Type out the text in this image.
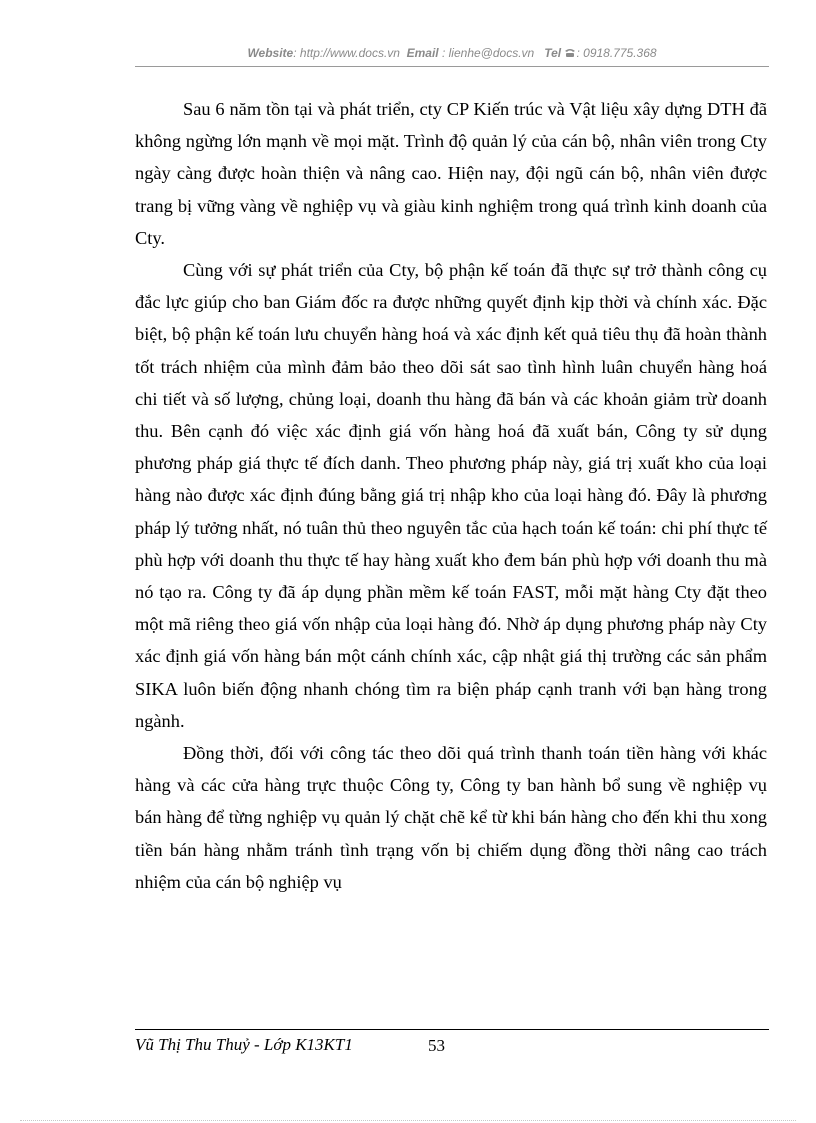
Website: http://www.docs.vn Email : lienhe@docs.vn Tel : 0918.775.368

Sau 6 năm tồn tại và phát triển, cty CP Kiến trúc và Vật liệu xây dựng DTH đã không ngừng lớn mạnh về mọi mặt. Trình độ quản lý của cán bộ, nhân viên trong Cty ngày càng được hoàn thiện và nâng cao. Hiện nay, đội ngũ cán bộ, nhân viên được trang bị vững vàng về nghiệp vụ và giàu kinh nghiệm trong quá trình kinh doanh của Cty.

Cùng với sự phát triển của Cty, bộ phận kế toán đã thực sự trở thành công cụ đắc lực giúp cho ban Giám đốc ra được những quyết định kịp thời và chính xác. Đặc biệt, bộ phận kế toán lưu chuyển hàng hoá và xác định kết quả tiêu thụ đã hoàn thành tốt trách nhiệm của mình đảm bảo theo dõi sát sao tình hình luân chuyển hàng hoá chi tiết và số lượng, chủng loại, doanh thu hàng đã bán và các khoản giảm trừ doanh thu. Bên cạnh đó việc xác định giá vốn hàng hoá đã xuất bán, Công ty sử dụng phương pháp giá thực tế đích danh. Theo phương pháp này, giá trị xuất kho của loại hàng nào được xác định đúng bằng giá trị nhập kho của loại hàng đó. Đây là phương pháp lý tưởng nhất, nó tuân thủ theo nguyên tắc của hạch toán kế toán: chi phí thực tế phù hợp với doanh thu thực tế hay hàng xuất kho đem bán phù hợp với doanh thu mà nó tạo ra. Công ty đã áp dụng phần mềm kế toán FAST, mỗi mặt hàng Cty đặt theo một mã riêng theo giá vốn nhập của loại hàng đó. Nhờ áp dụng phương pháp này Cty xác định giá vốn hàng bán một cánh chính xác, cập nhật giá thị trường các sản phẩm SIKA luôn biến động nhanh chóng tìm ra biện pháp cạnh tranh với bạn hàng trong ngành.

Đồng thời, đối với công tác theo dõi quá trình thanh toán tiền hàng với khác hàng và các cửa hàng trực thuộc Công ty, Công ty ban hành bổ sung về nghiệp vụ bán hàng để từng nghiệp vụ quản lý chặt chẽ kể từ khi bán hàng cho đến khi thu xong tiền bán hàng nhằm tránh tình trạng vốn bị chiếm dụng đồng thời nâng cao trách nhiệm của cán bộ nghiệp vụ

Vũ Thị Thu Thuỷ - Lớp K13KT1	53
